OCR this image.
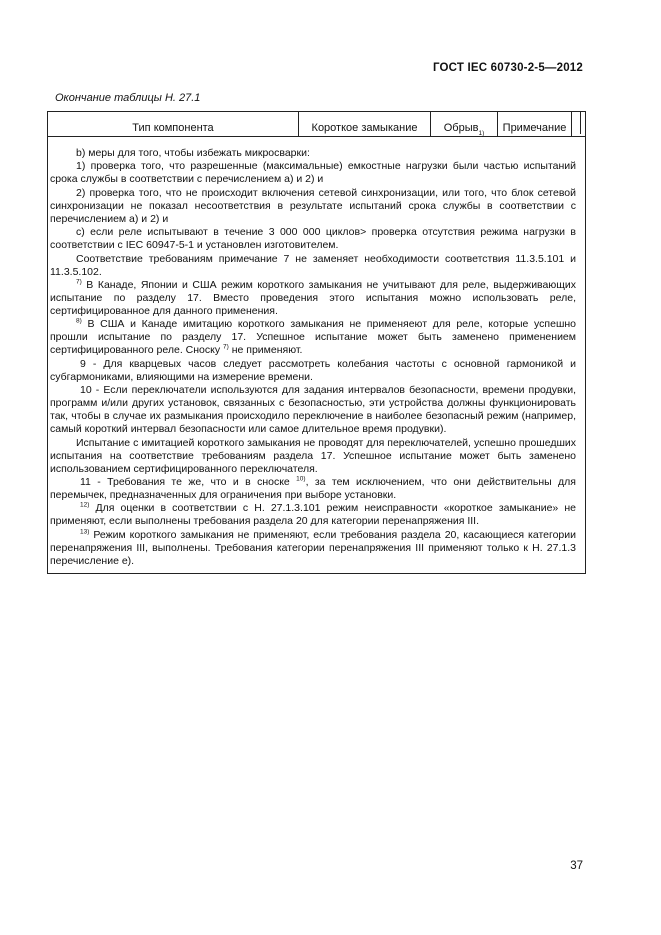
ГОСТ IEC 60730-2-5—2012
Окончание таблицы Н. 27.1
Тип компонента	Короткое замыкание Обрыв 1) Примечание

b) меры для того, чтобы избежать микросварки:

1) проверка того, что разрешенные (максимальные) емкостные нагрузки были частью испытаний срока службы в соответствии с перечислением а) и 2) и

2) проверка того, что не происходит включения сетевой синхронизации, или того, что блок сетевой синхронизации не показал несоответствия в результате испытаний срока службы в соответствии с перечислением а) и 2) и

с) если реле испытывают в течение 3 000 000 циклов> проверка отсутствия режима нагрузки в соответствии с IEC 60947-5-1 и установлен изготовителем.

Соответствие требованиям примечание 7 не заменяет необходимости соответствия 11.3.5.101 и 11.3.5.102.

$^{7)}$ В Канаде, Японии и США режим короткого замыкания не учитывают для реле, выдерживающих испытание по разделу 17. Вместо проведения этого испытания можно использовать реле, сертифицированное для данного применения.

$^{8)}$ В США и Канаде имитацию короткого замыкания не применяеют для реле, которые успешно прошли испытание по разделу 17. Успешное испытание может быть заменено применением сертифицированного реле. Сноску $^{7)}$ не применяют.

9 - Для кварцевых часов следует рассмотреть колебания частоты с основной гармоникой и субгармониками, влияющими на измерение времени.

10 - Если переключатели используются для задания интервалов безопасности, времени продувки, программ и/или других установок, связанных с безопасностью, эти устройства должны функционировать так, чтобы в случае их размыкания происходило переключение в наиболее безопасный режим (например, самый короткий интервал безопасности или самое длительное время продувки).

Испытание с имитацией короткого замыкания не проводят для переключателей, успешно прошедших испытания на соответствие требованиям раздела 17. Успешное испытание может быть заменено использованием сертифицированного переключателя.

11 - Требования те же, что и в сноске $^{10)}$, за тем исключением, что они действительны для перемычек, предназначенных для ограничения при выборе установки.

$^{12)}$ Для оценки в соответствии с Н. 27.1.3.101 режим неисправности «короткое замыкание» не применяют, если выполнены требования раздела 20 для категории перенапряжения III.

$^{13)}$ Режим короткого замыкания не применяют, если требования раздела 20, касающиеся категории перенапряжения III, выполнены. Требования категории перенапряжения III применяют только к Н. 27.1.3 перечисление е).

37
